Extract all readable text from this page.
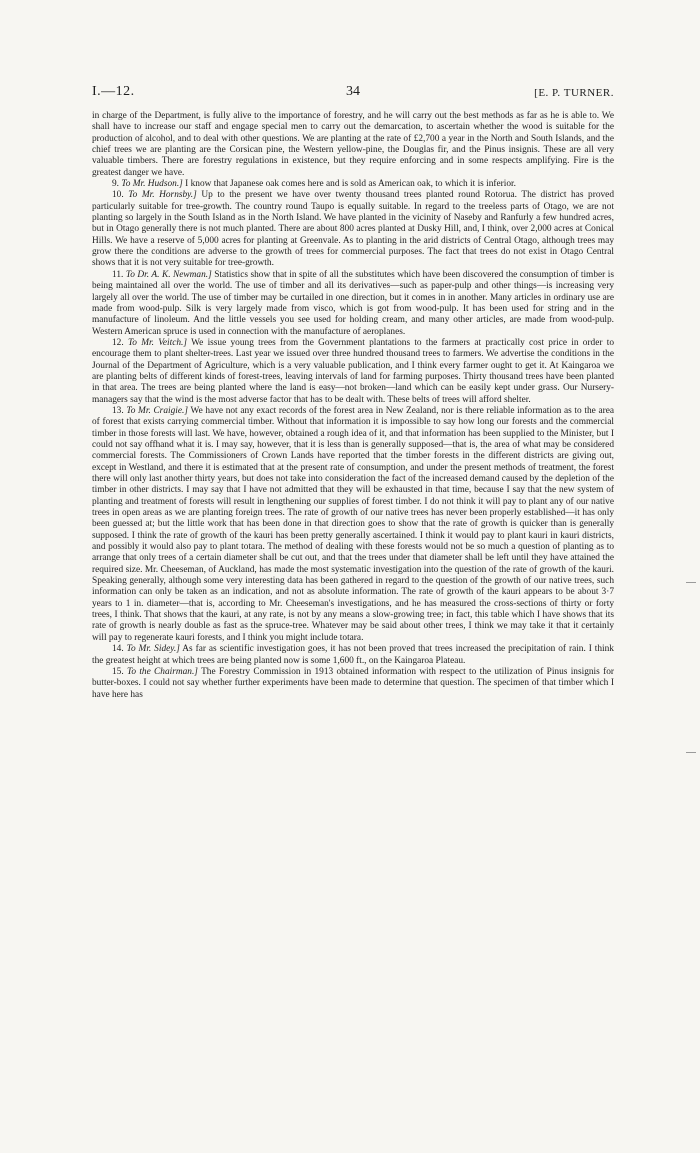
I.—12.	34	[E. P. TURNER.

in charge of the Department, is fully alive to the importance of forestry, and he will carry out the best methods as far as he is able to. We shall have to increase our staff and engage special men to carry out the demarcation, to ascertain whether the wood is suitable for the production of alcohol, and to deal with other questions. We are planting at the rate of £2,700 a year in the North and South Islands, and the chief trees we are planting are the Corsican pine, the Western yellow-pine, the Douglas fir, and the Pinus insignis. These are all very valuable timbers. There are forestry regulations in existence, but they require enforcing and in some respects amplifying. Fire is the greatest danger we have.

9. To Mr. Hudson.] I know that Japanese oak comes here and is sold as American oak, to which it is inferior.

10. To Mr. Hornsby.] Up to the present we have over twenty thousand trees planted round Rotorua. The district has proved particularly suitable for tree-growth. The country round Taupo is equally suitable. In regard to the treeless parts of Otago, we are not planting so largely in the South Island as in the North Island. We have planted in the vicinity of Naseby and Ranfurly a few hundred acres, but in Otago generally there is not much planted. There are about 800 acres planted at Dusky Hill, and, I think, over 2,000 acres at Conical Hills. We have a reserve of 5,000 acres for planting at Greenvale. As to planting in the arid districts of Central Otago, although trees may grow there the conditions are adverse to the growth of trees for commercial purposes. The fact that trees do not exist in Otago Central shows that it is not very suitable for tree-growth.

11. To Dr. A. K. Newman.] Statistics show that in spite of all the substitutes which have been discovered the consumption of timber is being maintained all over the world. The use of timber and all its derivatives—such as paper-pulp and other things—is increasing very largely all over the world. The use of timber may be curtailed in one direction, but it comes in in another. Many articles in ordinary use are made from wood-pulp. Silk is very largely made from visco, which is got from wood-pulp. It has been used for string and in the manufacture of linoleum. And the little vessels you see used for holding cream, and many other articles, are made from wood-pulp. Western American spruce is used in connection with the manufacture of aeroplanes.

12. To Mr. Veitch.] We issue young trees from the Government plantations to the farmers at practically cost price in order to encourage them to plant shelter-trees. Last year we issued over three hundred thousand trees to farmers. We advertise the conditions in the Journal of the Department of Agriculture, which is a very valuable publication, and I think every farmer ought to get it. At Kaingaroa we are planting belts of different kinds of forest-trees, leaving intervals of land for farming purposes. Thirty thousand trees have been planted in that area. The trees are being planted where the land is easy—not broken—land which can be easily kept under grass. Our Nursery-managers say that the wind is the most adverse factor that has to be dealt with. These belts of trees will afford shelter.

13. To Mr. Craigie.] We have not any exact records of the forest area in New Zealand, nor is there reliable information as to the area of forest that exists carrying commercial timber. Without that information it is impossible to say how long our forests and the commercial timber in those forests will last. We have, however, obtained a rough idea of it, and that information has been supplied to the Minister, but I could not say offhand what it is. I may say, however, that it is less than is generally supposed—that is, the area of what may be considered commercial forests. The Commissioners of Crown Lands have reported that the timber forests in the different districts are giving out, except in Westland, and there it is estimated that at the present rate of consumption, and under the present methods of treatment, the forest there will only last another thirty years, but does not take into consideration the fact of the increased demand caused by the depletion of the timber in other districts. I may say that I have not admitted that they will be exhausted in that time, because I say that the new system of planting and treatment of forests will result in lengthening our supplies of forest timber. I do not think it will pay to plant any of our native trees in open areas as we are planting foreign trees. The rate of growth of our native trees has never been properly established—it has only been guessed at; but the little work that has been done in that direction goes to show that the rate of growth is quicker than is generally supposed. I think the rate of growth of the kauri has been pretty generally ascertained. I think it would pay to plant kauri in kauri districts, and possibly it would also pay to plant totara. The method of dealing with these forests would not be so much a question of planting as to arrange that only trees of a certain diameter shall be cut out, and that the trees under that diameter shall be left until they have attained the required size. Mr. Cheeseman, of Auckland, has made the most systematic investigation into the question of the rate of growth of the kauri. Speaking generally, although some very interesting data has been gathered in regard to the question of the growth of our native trees, such information can only be taken as an indication, and not as absolute information. The rate of growth of the kauri appears to be about 3·7 years to 1 in. diameter—that is, according to Mr. Cheeseman's investigations, and he has measured the cross-sections of thirty or forty trees, I think. That shows that the kauri, at any rate, is not by any means a slow-growing tree; in fact, this table which I have shows that its rate of growth is nearly double as fast as the spruce-tree. Whatever may be said about other trees, I think we may take it that it certainly will pay to regenerate kauri forests, and I think you might include totara.

14. To Mr. Sidey.] As far as scientific investigation goes, it has not been proved that trees increased the precipitation of rain. I think the greatest height at which trees are being planted now is some 1,600 ft., on the Kaingaroa Plateau.

15. To the Chairman.] The Forestry Commission in 1913 obtained information with respect to the utilization of Pinus insignis for butter-boxes. I could not say whether further experiments have been made to determine that question. The specimen of that timber which I have here has
